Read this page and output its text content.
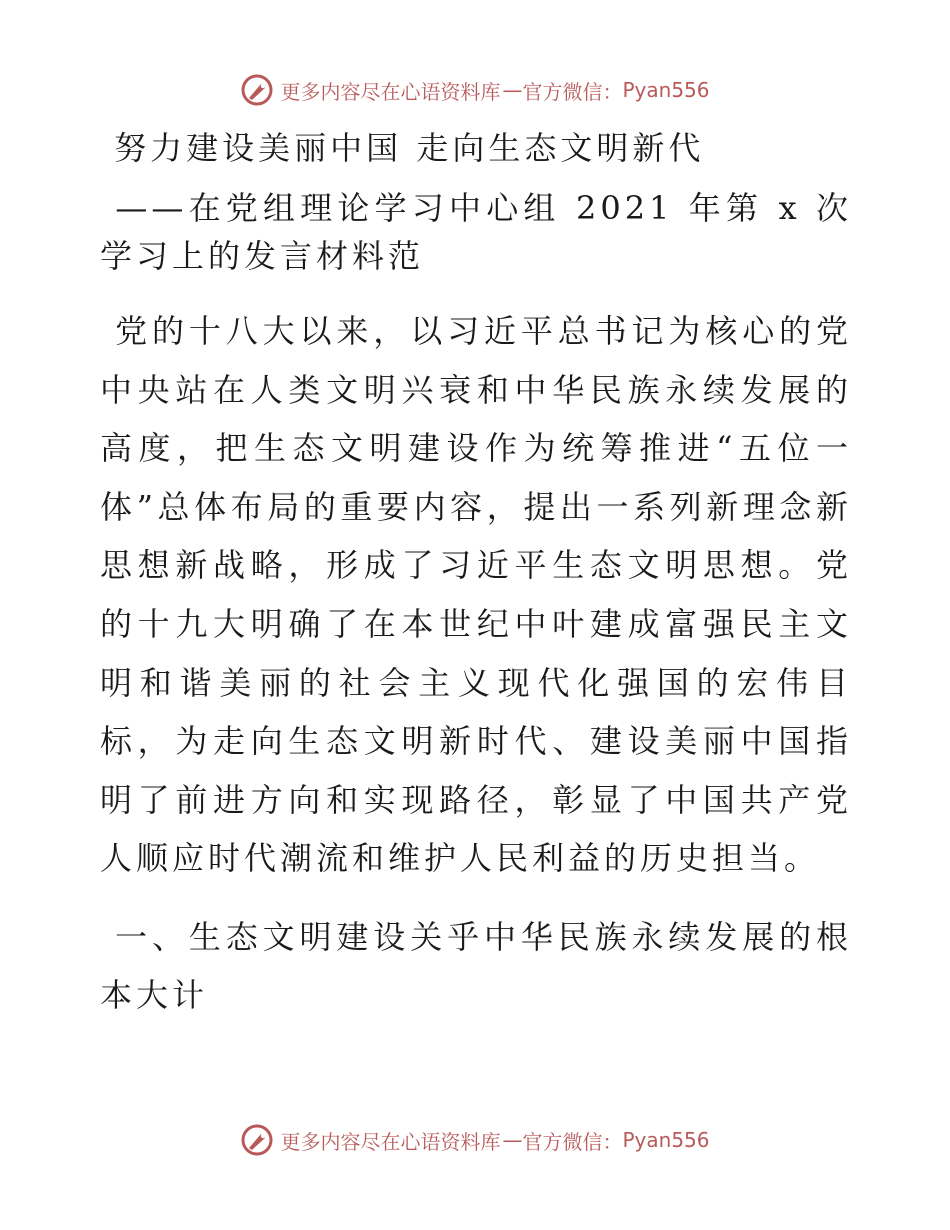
更多内容尽在心语资料库 — 官方微信： Pyan556
努力建设美丽中国 走向生态文明新代
——在党组理论学习中心组 2021 年第 x 次学习上的发言材料范
党的十八大以来，以习近平总书记为核心的党中央站在人类文明兴衰和中华民族永续发展的高度，把生态文明建设作为统筹推进“五位一体”总体布局的重要内容，提出一系列新理念新思想新战略，形成了习近平生态文明思想。党的十九大明确了在本世纪中叶建成富强民主文明和谐美丽的社会主义现代化强国的宏伟目标，为走向生态文明新时代、建设美丽中国指明了前进方向和实现路径，彰显了中国共产党人顺应时代潮流和维护人民利益的历史担当。
一、生态文明建设关乎中华民族永续发展的根本大计
更多内容尽在心语资料库 — 官方微信： Pyan556
